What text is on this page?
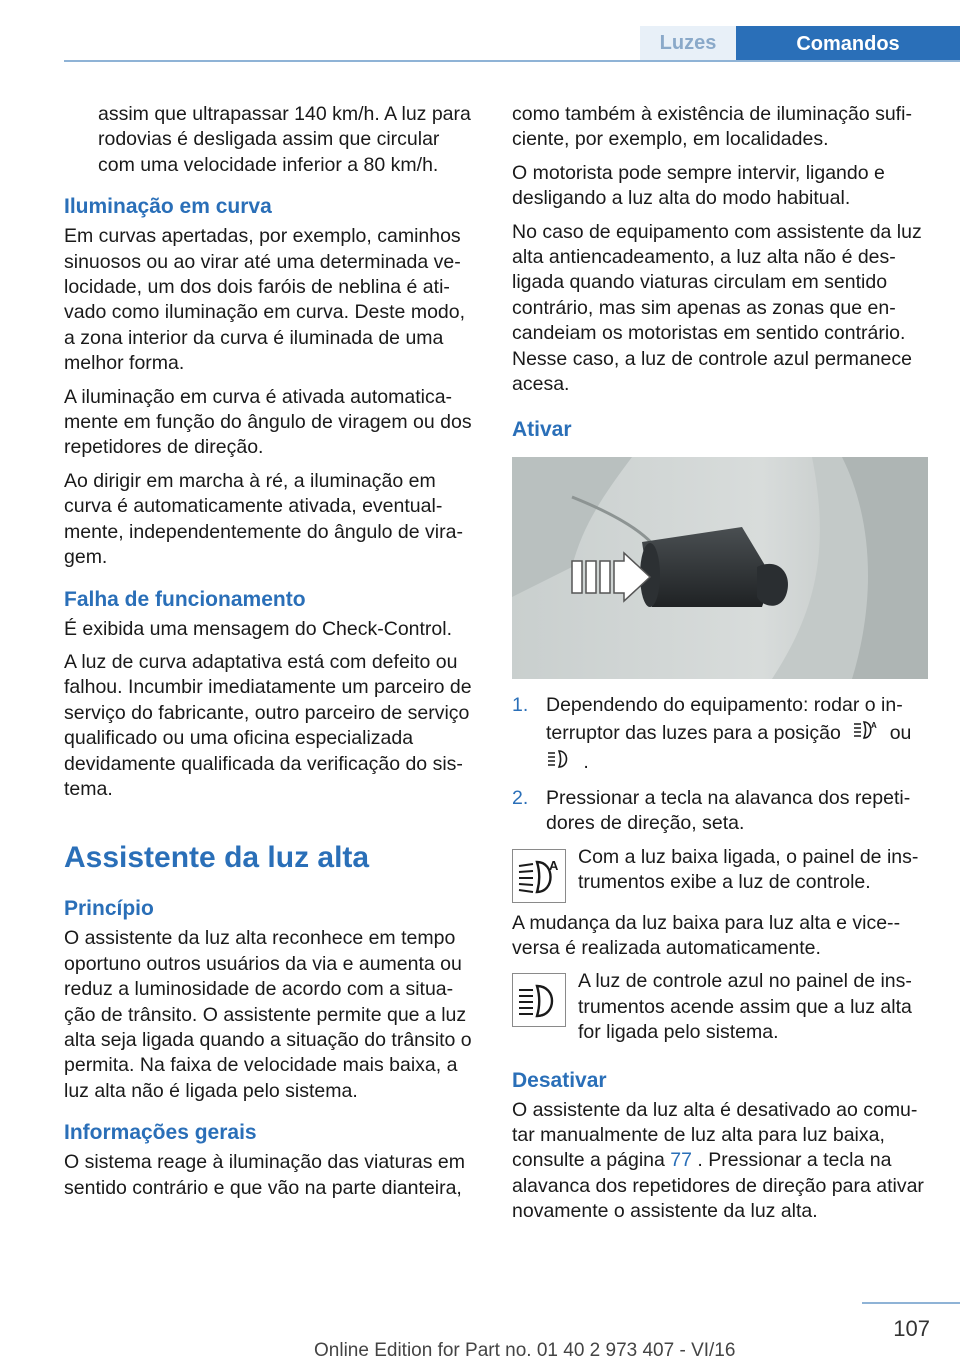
Luzes	Comandos

assim que ultrapassar 140 km/h. A luz para rodovias é desligada assim que circular com uma velocidade inferior a 80 km/h.

Iluminação em curva

Em curvas apertadas, por exemplo, caminhos sinuosos ou ao virar até uma determinada velocidade, um dos dois faróis de neblina é ativado como iluminação em curva. Deste modo, a zona interior da curva é iluminada de uma melhor forma.

A iluminação em curva é ativada automaticamente em função do ângulo de viragem ou dos repetidores de direção.

Ao dirigir em marcha à ré, a iluminação em curva é automaticamente ativada, eventualmente, independentemente do ângulo de viragem.

Falha de funcionamento

É exibida uma mensagem do Check-Control.

A luz de curva adaptativa está com defeito ou falhou. Incumbir imediatamente um parceiro de serviço do fabricante, outro parceiro de serviço qualificado ou uma oficina especializada devidamente qualificada da verificação do sistema.

Assistente da luz alta
Princípio

O assistente da luz alta reconhece em tempo oportuno outros usuários da via e aumenta ou reduz a luminosidade de acordo com a situação de trânsito. O assistente permite que a luz alta seja ligada quando a situação do trânsito o permita. Na faixa de velocidade mais baixa, a luz alta não é ligada pelo sistema.

Informações gerais

O sistema reage à iluminação das viaturas em sentido contrário e que vão na parte dianteira,

como também à existência de iluminação suficiente, por exemplo, em localidades.

O motorista pode sempre intervir, ligando e desligando a luz alta do modo habitual.

No caso de equipamento com assistente da luz alta antiencadeamento, a luz alta não é desligada quando viaturas circulam em sentido contrário, mas sim apenas as zonas que encandeiam os motoristas em sentido contrário. Nesse caso, a luz de controle azul permanece acesa.

Ativar
1. Dependendo do equipamento: rodar o interruptor das luzes para a posição	A ou
.
2. Pressionar a tecla na alavanca dos repetidores de direção, seta.
A Com a luz baixa ligada, o painel de instrumentos exibe a luz de controle.

A mudança da luz baixa para luz alta e vice-versa é realizada automaticamente.

A luz de controle azul no painel de instrumentos acende assim que a luz alta for ligada pelo sistema.
Desativar

O assistente da luz alta é desativado ao comutar manualmente de luz alta para luz baixa, consulte a página 77 . Pressionar a tecla na alavanca dos repetidores de direção para ativar novamente o assistente da luz alta.

107
Online Edition for Part no. 01 40 2 973 407 - VI/16
